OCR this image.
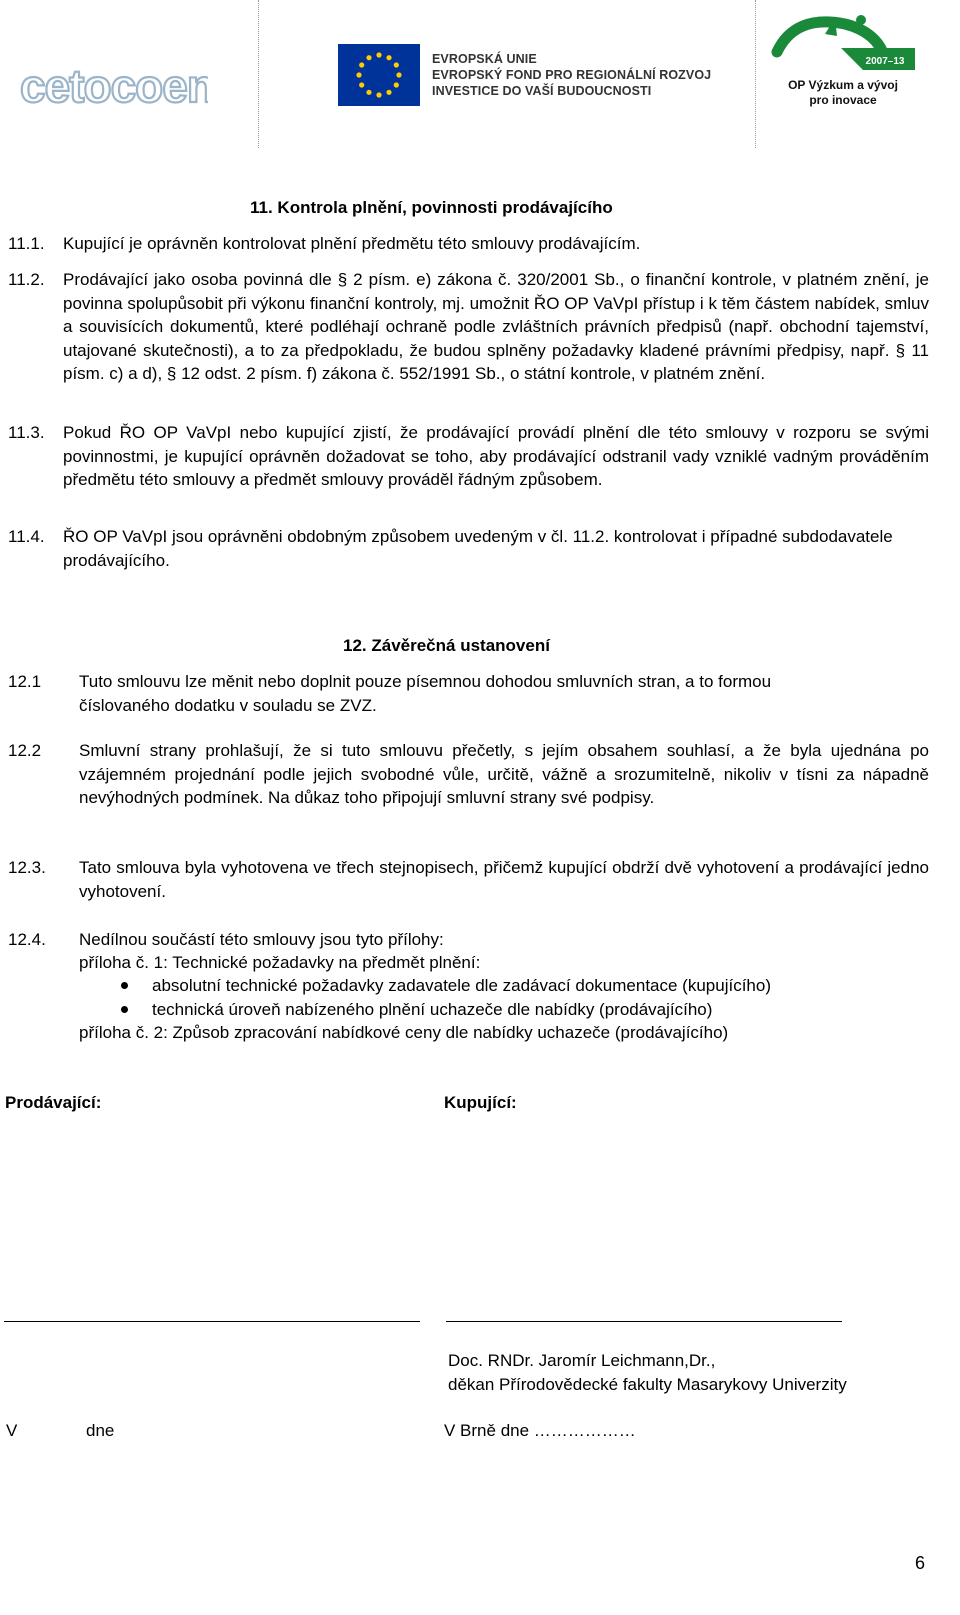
cetocoen
EVROPSKÁ UNIE
EVROPSKÝ FOND PRO REGIONÁLNÍ ROZVOJ
INVESTICE DO VAŠÍ BUDOUCNOSTI
2007–13
OP Výzkum a vývoj
pro inovace
11. Kontrola plnění, povinnosti prodávajícího
11.1. Kupující je oprávněn kontrolovat plnění předmětu této smlouvy prodávajícím.
11.2. Prodávající jako osoba povinná dle § 2 písm. e) zákona č. 320/2001 Sb., o finanční kontrole, v platném znění, je povinna spolupůsobit při výkonu finanční kontroly, mj. umožnit ŘO OP VaVpI přístup i k těm částem nabídek, smluv a souvisících dokumentů, které podléhají ochraně podle zvláštních právních předpisů (např. obchodní tajemství, utajované skutečnosti), a to za předpokladu, že budou splněny požadavky kladené právními předpisy, např. § 11 písm. c) a d), § 12 odst. 2 písm. f) zákona č. 552/1991 Sb., o státní kontrole, v platném znění.
11.3. Pokud ŘO OP VaVpI nebo kupující zjistí, že prodávající provádí plnění dle této smlouvy v rozporu se svými povinnostmi, je kupující oprávněn dožadovat se toho, aby prodávající odstranil vady vzniklé vadným prováděním předmětu této smlouvy a předmět smlouvy prováděl řádným způsobem.
11.4. ŘO OP VaVpI jsou oprávněni obdobným způsobem uvedeným v čl. 11.2. kontrolovat i případné subdodavatele prodávajícího.
12. Závěrečná ustanovení
12.1 Tuto smlouvu lze měnit nebo doplnit pouze písemnou dohodou smluvních stran, a to formou číslovaného dodatku v souladu se ZVZ.
12.2 Smluvní strany prohlašují, že si tuto smlouvu přečetly, s jejím obsahem souhlasí, a že byla ujednána po vzájemném projednání podle jejich svobodné vůle, určitě, vážně a srozumitelně, nikoliv v tísni za nápadně nevýhodných podmínek. Na důkaz toho připojují smluvní strany své podpisy.
12.3. Tato smlouva byla vyhotovena ve třech stejnopisech, přičemž kupující obdrží dvě vyhotovení a prodávající jedno vyhotovení.
12.4. Nedílnou součástí této smlouvy jsou tyto přílohy:
příloha č. 1: Technické požadavky na předmět plnění:
absolutní technické požadavky zadavatele dle zadávací dokumentace (kupujícího)
technická úroveň nabízeného plnění uchazeče dle nabídky (prodávajícího)
příloha č. 2: Způsob zpracování nabídkové ceny dle nabídky uchazeče (prodávajícího)
Prodávající:	Kupující:
Doc. RNDr. Jaromír Leichmann,Dr.,
děkan Přírodovědecké fakulty Masarykovy Univerzity
V	dne	V Brně dne ………………
6
